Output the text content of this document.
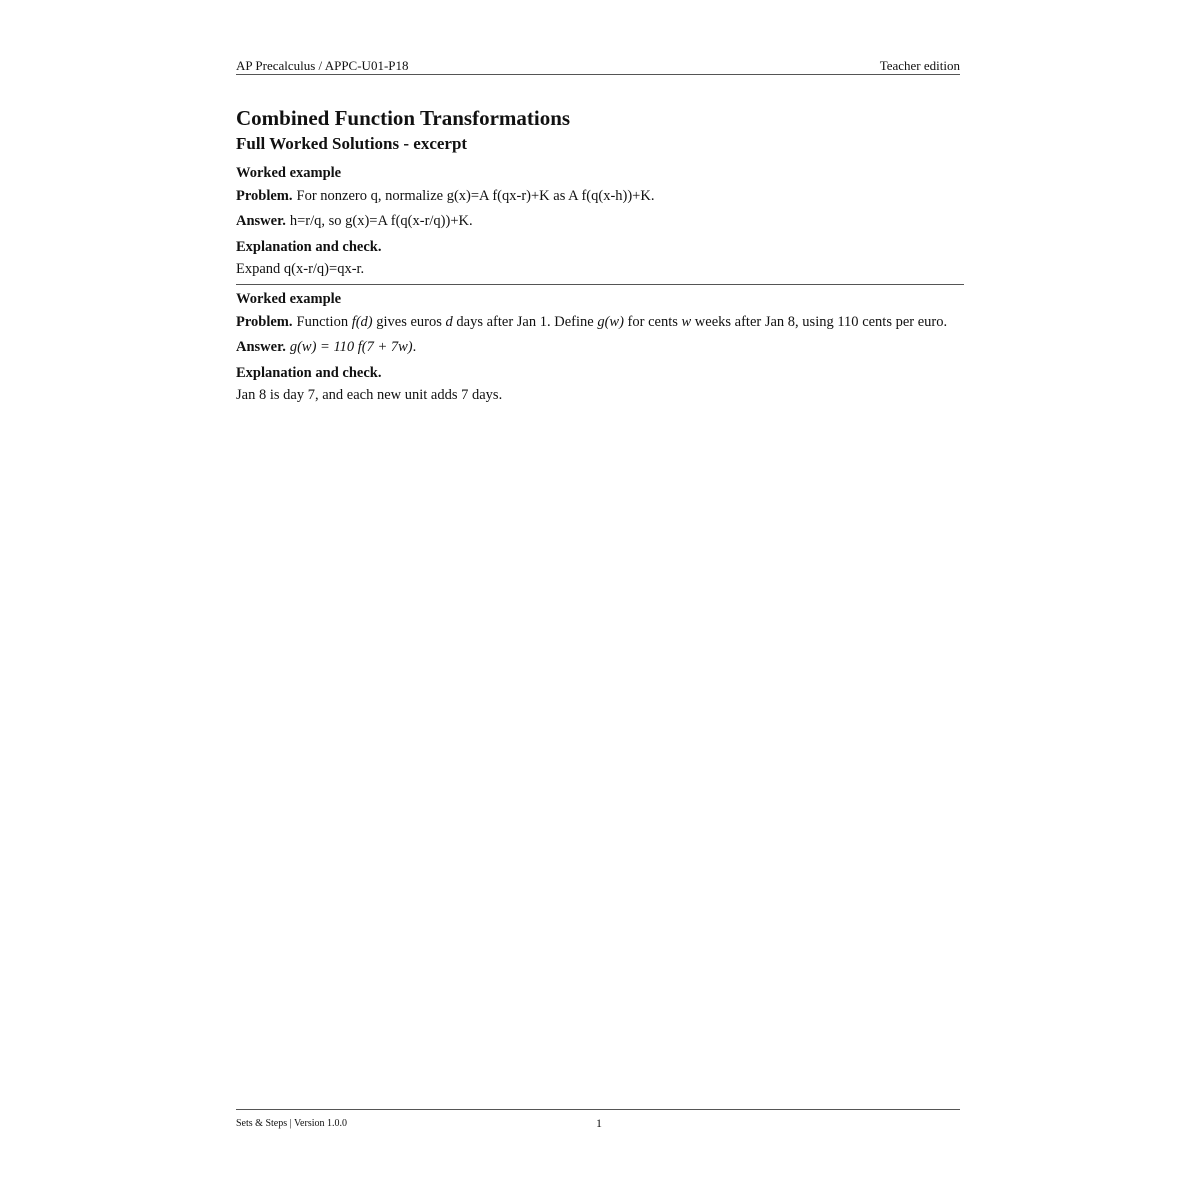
AP Precalculus / APPC-U01-P18	Teacher edition
Combined Function Transformations
Full Worked Solutions - excerpt
Worked example

Problem. For nonzero q, normalize g(x)=A f(qx-r)+K as A f(q(x-h))+K.

Answer. h=r/q, so g(x)=A f(q(x-r/q))+K.

Explanation and check.

Expand q(x-r/q)=qx-r.

Worked example

Problem. Function f(d) gives euros d days after Jan 1. Define g(w) for cents w weeks after Jan 8, using 110 cents per euro.

Answer. g(w) = 110 f(7 + 7w).

Explanation and check.

Jan 8 is day 7, and each new unit adds 7 days.

Sets & Steps | Version 1.0.0	1
